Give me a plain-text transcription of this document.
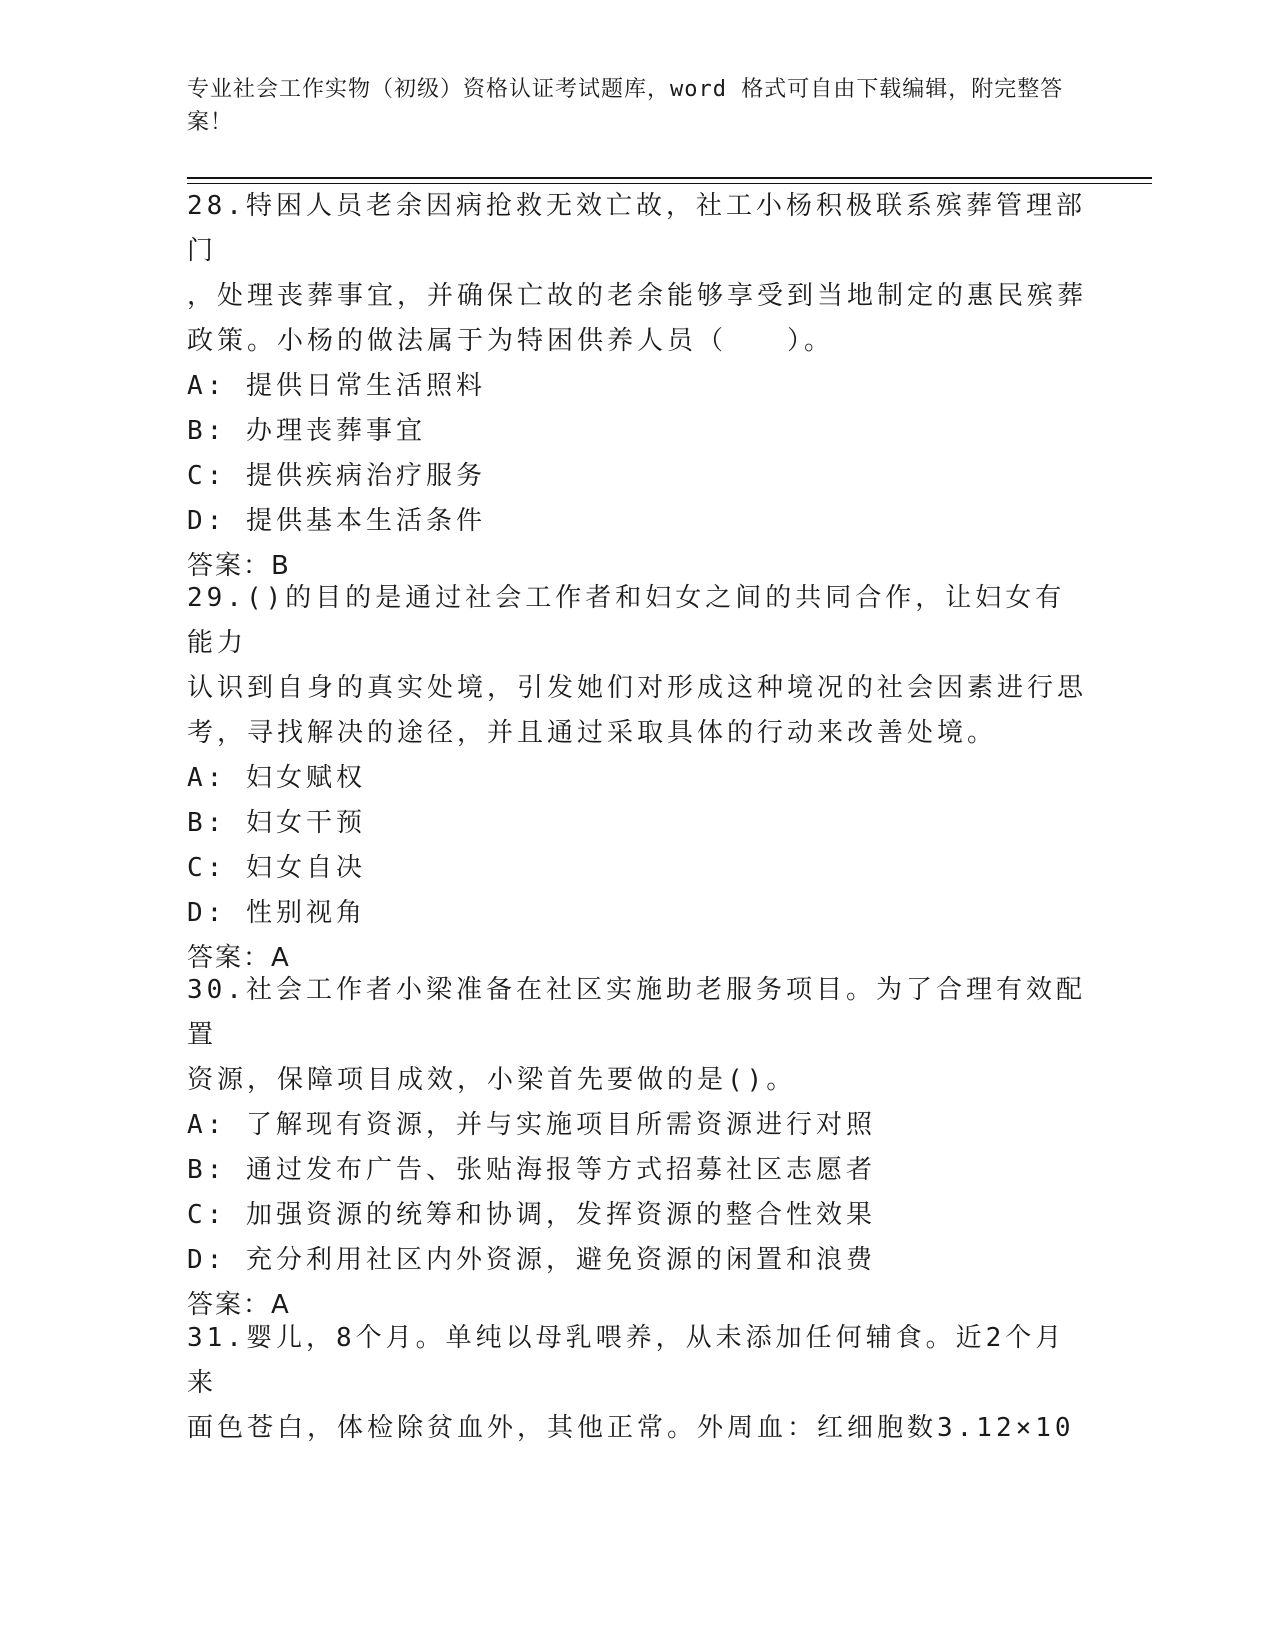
专业社会工作实物（初级）资格认证考试题库，word 格式可自由下载编辑，附完整答案！

28.特困人员老余因病抢救无效亡故，社工小杨积极联系殡葬管理部门

，处理丧葬事宜，并确保亡故的老余能够享受到当地制定的惠民殡葬

政策。小杨的做法属于为特困供养人员（　　）。

A: 提供日常生活照料

B: 办理丧葬事宜

C: 提供疾病治疗服务

D: 提供基本生活条件

答案：B

29.()的目的是通过社会工作者和妇女之间的共同合作，让妇女有能力

认识到自身的真实处境，引发她们对形成这种境况的社会因素进行思

考，寻找解决的途径，并且通过采取具体的行动来改善处境。

A: 妇女赋权

B: 妇女干预

C: 妇女自决

D: 性别视角

答案：A

30.社会工作者小梁准备在社区实施助老服务项目。为了合理有效配置

资源，保障项目成效，小梁首先要做的是()。

A: 了解现有资源，并与实施项目所需资源进行对照

B: 通过发布广告、张贴海报等方式招募社区志愿者

C: 加强资源的统筹和协调，发挥资源的整合性效果

D: 充分利用社区内外资源，避免资源的闲置和浪费

答案：A

31.婴儿，8个月。单纯以母乳喂养，从未添加任何辅食。近2个月来

面色苍白，体检除贫血外，其他正常。外周血：红细胞数3.12×10
